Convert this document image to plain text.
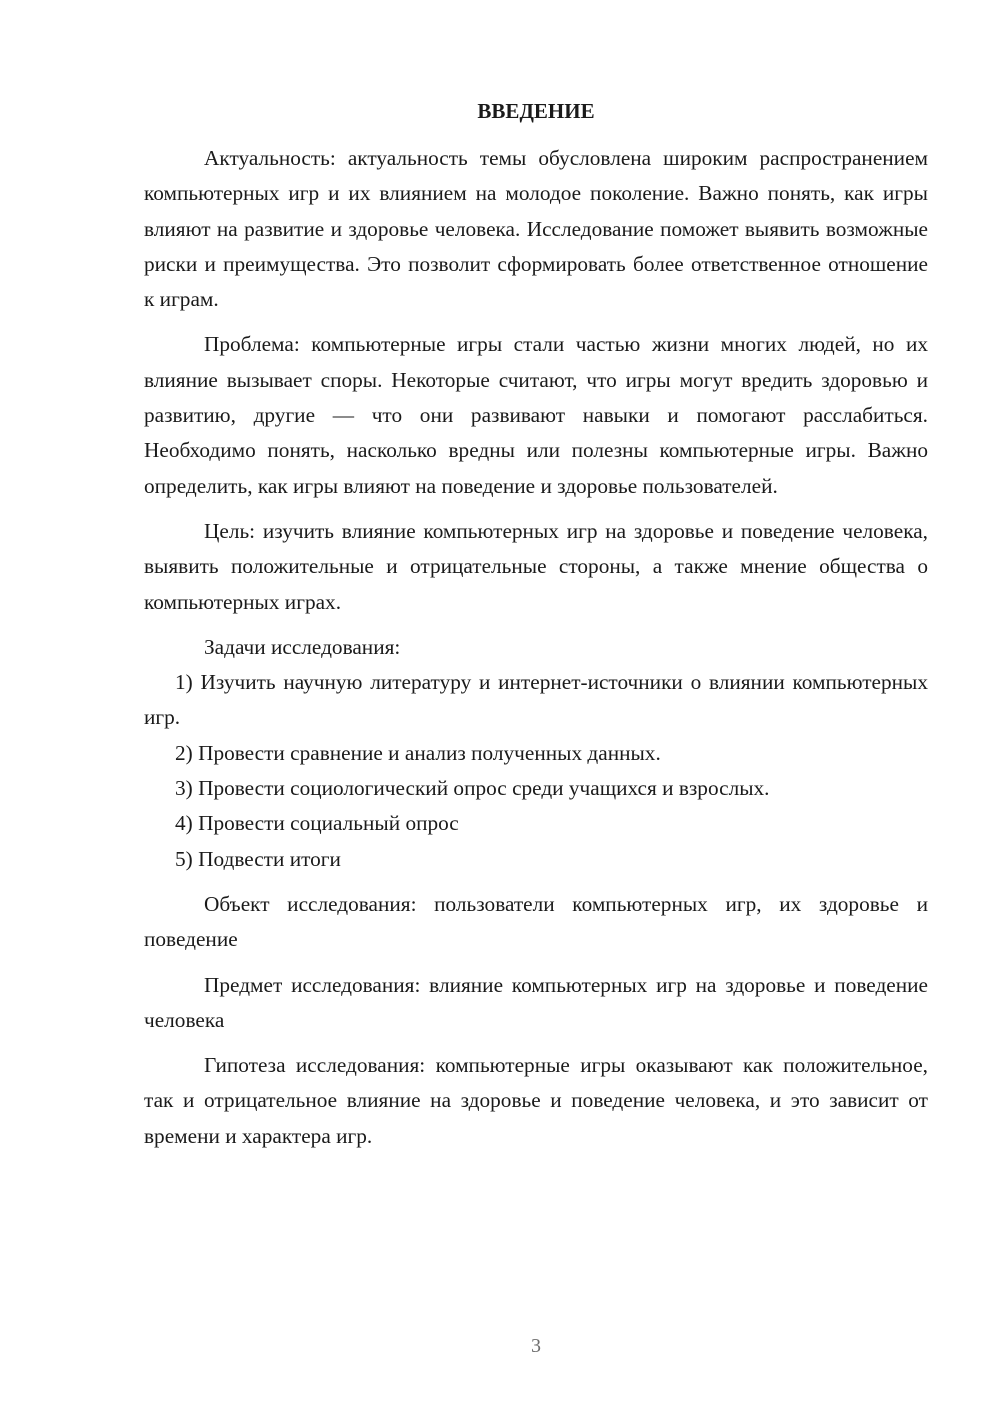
ВВЕДЕНИЕ

Актуальность: актуальность темы обусловлена широким распространением компьютерных игр и их влиянием на молодое поколение. Важно понять, как игры влияют на развитие и здоровье человека. Исследование поможет выявить возможные риски и преимущества. Это позволит сформировать более ответственное отношение к играм.

Проблема: компьютерные игры стали частью жизни многих людей, но их влияние вызывает споры. Некоторые считают, что игры могут вредить здоровью и развитию, другие — что они развивают навыки и помогают расслабиться. Необходимо понять, насколько вредны или полезны компьютерные игры. Важно определить, как игры влияют на поведение и здоровье пользователей.

Цель: изучить влияние компьютерных игр на здоровье и поведение человека, выявить положительные и отрицательные стороны, а также мнение общества о компьютерных играх.

Задачи исследования:

1) Изучить научную литературу и интернет-источники о влиянии компьютерных игр.

2) Провести сравнение и анализ полученных данных.

3) Провести социологический опрос среди учащихся и взрослых.

4) Провести социальный опрос

5) Подвести итоги

Объект исследования: пользователи компьютерных игр, их здоровье и поведение

Предмет исследования: влияние компьютерных игр на здоровье и поведение человека

Гипотеза исследования: компьютерные игры оказывают как положительное, так и отрицательное влияние на здоровье и поведение человека, и это зависит от времени и характера игр.

3
